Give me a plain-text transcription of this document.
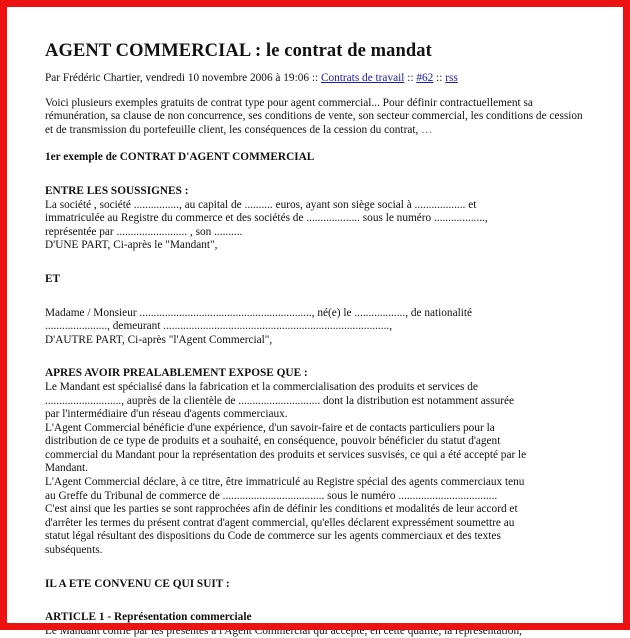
AGENT COMMERCIAL : le contrat de mandat
Par Frédéric Chartier, vendredi 10 novembre 2006 à 19:06 :: Contrats de travail :: #62 :: rss

Voici plusieurs exemples gratuits de contrat type pour agent commercial... Pour définir contractuellement sa rémunération, sa clause de non concurrence, ses conditions de vente, son secteur commercial, les conditions de cession et de transmission du portefeuille client, les conséquences de la cession du contrat, …

1er exemple de CONTRAT D'AGENT COMMERCIAL

ENTRE LES SOUSSIGNES :

La société , société ................, au capital de .......... euros, ayant son siège social à .................. et

immatriculée au Registre du commerce et des sociétés de ................... sous le numéro ..................,

représentée par ......................... , son ..........

D'UNE PART, Ci-après le "Mandant",

ET

Madame / Monsieur ............................................................., né(e) le .................., de nationalité

......................, demeurant ................................................................................,

D'AUTRE PART, Ci-après "l'Agent Commercial",

APRES AVOIR PREALABLEMENT EXPOSE QUE :

Le Mandant est spécialisé dans la fabrication et la commercialisation des produits et services de

..........................., auprès de la clientèle de ............................. dont la distribution est notamment assurée

par l'intermédiaire d'un réseau d'agents commerciaux.

L'Agent Commercial bénéficie d'une expérience, d'un savoir-faire et de contacts particuliers pour la

distribution de ce type de produits et a souhaité, en conséquence, pouvoir bénéficier du statut d'agent

commercial du Mandant pour la représentation des produits et services susvisés, ce qui a été accepté par le

Mandant.

L'Agent Commercial déclare, à ce titre, être immatriculé au Registre spécial des agents commerciaux tenu

au Greffe du Tribunal de commerce de .................................... sous le numéro ...................................

C'est ainsi que les parties se sont rapprochées afin de définir les conditions et modalités de leur accord et

d'arrêter les termes du présent contrat d'agent commercial, qu'elles déclarent expressément soumettre au

statut légal résultant des dispositions du Code de commerce sur les agents commerciaux et des textes

subséquents.

IL A ETE CONVENU CE QUI SUIT :

ARTICLE 1 - Représentation commerciale

Le Mandant confie par les présentes à l'Agent Commercial qui accepte, en cette qualité, la représentation,
